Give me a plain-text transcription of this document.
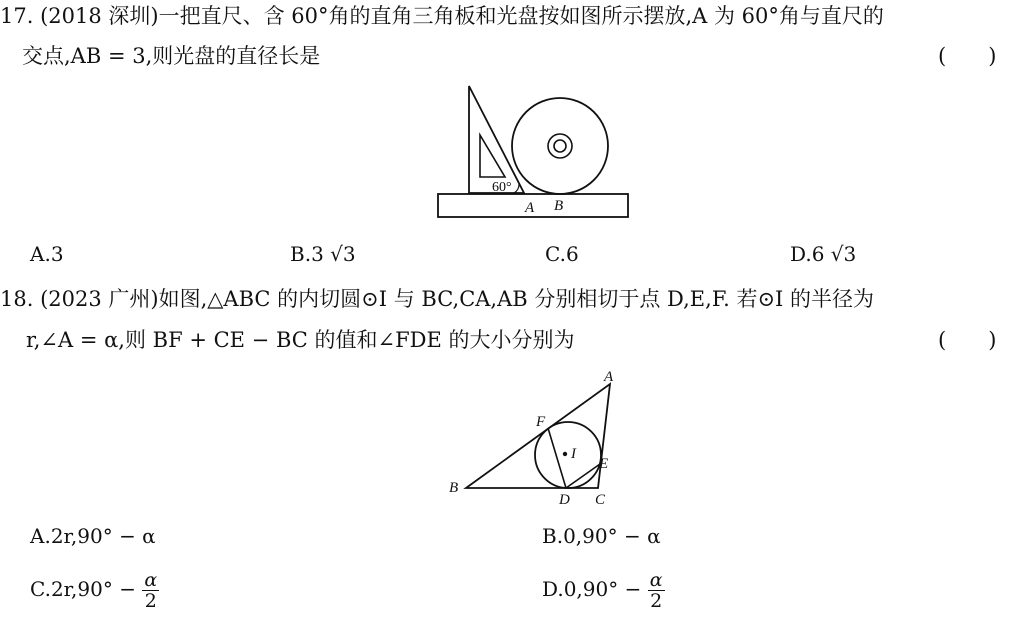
17. (2018 深圳)一把直尺、含 60°角的直角三角板和光盘按如图所示摆放,A 为 60°角与直尺的
交点,AB = 3,则光盘的直径长是	(　　)
60°
A B
A.3	B.3 √3	C.6	D.6 √3
18. (2023 广州)如图,△ABC 的内切圆⊙I 与 BC,CA,AB 分别相切于点 D,E,F. 若⊙I 的半径为
r,∠A = α,则 BF + CE − BC 的值和∠FDE 的大小分别为	(　　)
A
B
C
D
E
F
I
A.2r,90° − α	B.0,90° − α
$C.2r,90^\circ - \frac{\alpha}{2}$	$D.0,90^\circ - \frac{\alpha}{2}$
